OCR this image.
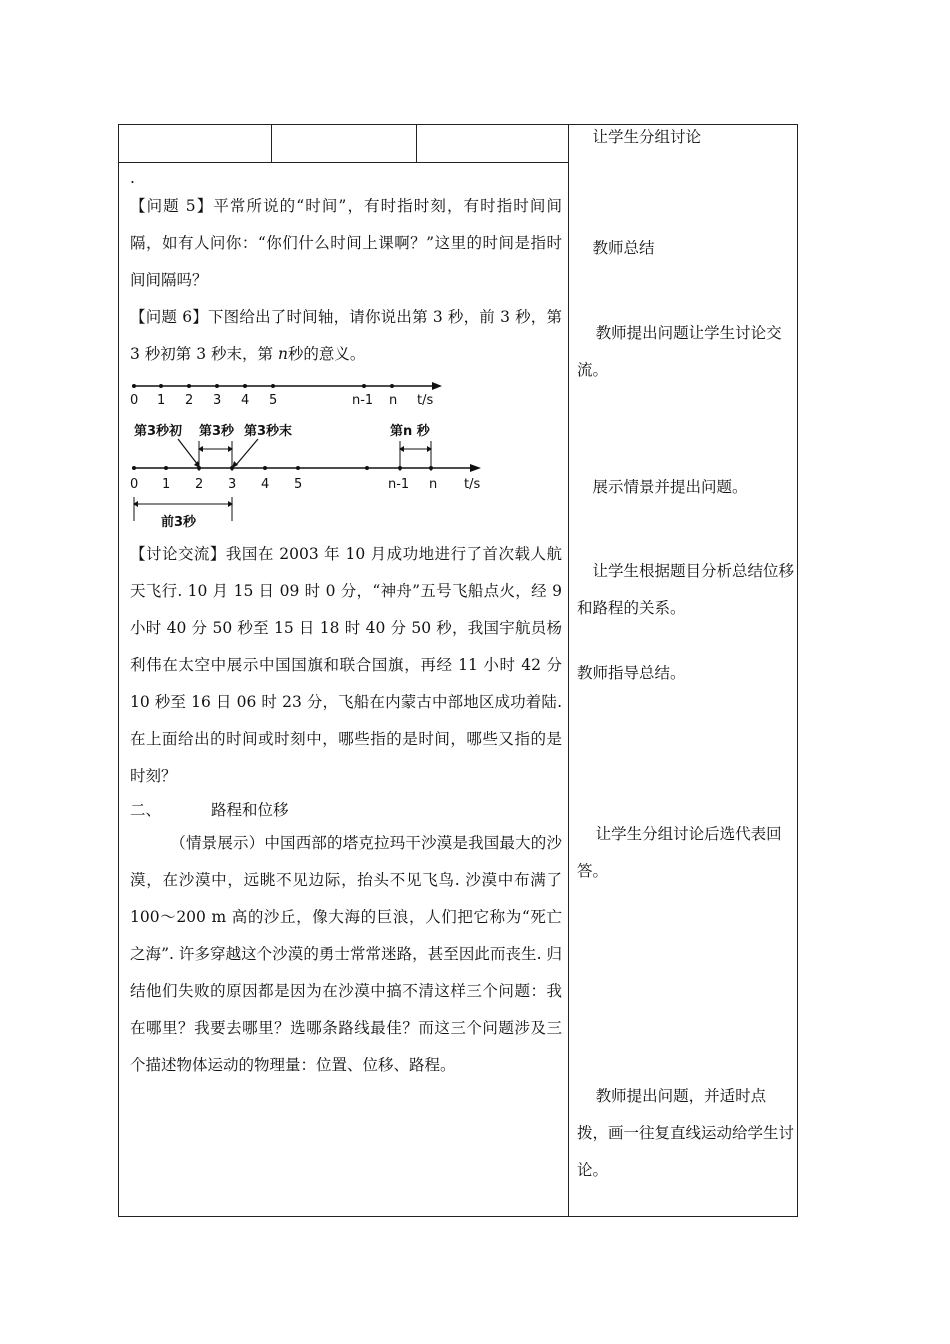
.

【问题 5】平常所说的“时间”，有时指时刻，有时指时间间隔，如有人问你：“你们什么时间上课啊？”这里的时间是指时间间隔吗？

【问题 6】下图给出了时间轴，请你说出第 3 秒，前 3 秒，第 3 秒初第 3 秒末，第 n秒的意义。

0 1 2 3 4 5	n-1 n t/s
第3秒初 第3秒 第3秒末	第n 秒
0 1 2 3 4 5	n-1 n t/s
前3秒

【讨论交流】我国在 2003 年 10 月成功地进行了首次载人航天飞行. 10 月 15 日 09 时 0 分，“神舟”五号飞船点火，经 9 小时 40 分 50 秒至 15 日 18 时 40 分 50 秒，我国宇航员杨利伟在太空中展示中国国旗和联合国旗，再经 11 小时 42 分 10 秒至 16 日 06 时 23 分，飞船在内蒙古中部地区成功着陆. 在上面给出的时间或时刻中，哪些指的是时间，哪些又指的是时刻？

二、	路程和位移

（情景展示）中国西部的塔克拉玛干沙漠是我国最大的沙漠，在沙漠中，远眺不见边际，抬头不见飞鸟. 沙漠中布满了 100～200 m 高的沙丘，像大海的巨浪，人们把它称为“死亡之海”. 许多穿越这个沙漠的勇士常常迷路，甚至因此而丧生. 归结他们失败的原因都是因为在沙漠中搞不清这样三个问题：我在哪里？我要去哪里？选哪条路线最佳？而这三个问题涉及三个描述物体运动的物理量：位置、位移、路程。

让学生分组讨论

教师总结

教师提出问题让学生讨论交流。

展示情景并提出问题。

让学生根据题目分析总结位移和路程的关系。

教师指导总结。

让学生分组讨论后选代表回答。

教师提出问题，并适时点拨，画一往复直线运动给学生讨论。
